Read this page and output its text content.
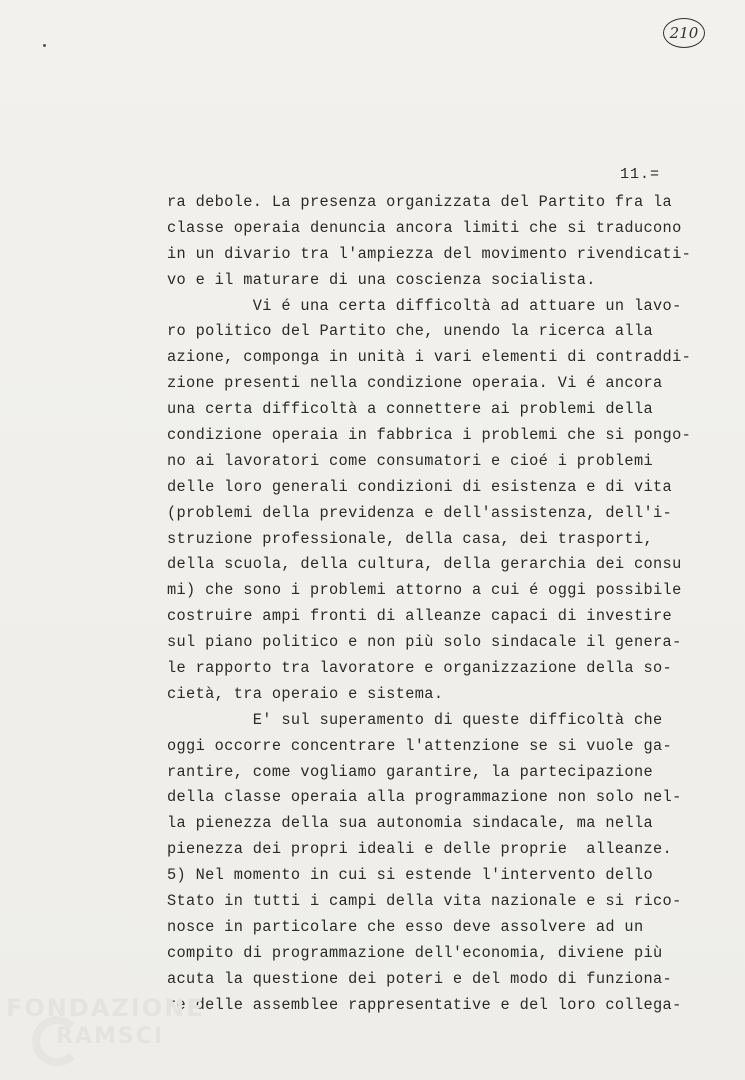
210
11.=
ra debole. La presenza organizzata del Partito fra la
classe operaia denuncia ancora limiti che si traducono
in un divario tra l'ampiezza del movimento rivendicati-
vo e il maturare di una coscienza socialista.
Vi é una certa difficoltà ad attuare un lavo-
ro politico del Partito che, unendo la ricerca alla
azione, componga in unità i vari elementi di contraddi-
zione presenti nella condizione operaia. Vi é ancora
una certa difficoltà a connettere ai problemi della
condizione operaia in fabbrica i problemi che si pongo-
no ai lavoratori come consumatori e cioé i problemi
delle loro generali condizioni di esistenza e di vita
(problemi della previdenza e dell'assistenza, dell'i-
struzione professionale, della casa, dei trasporti,
della scuola, della cultura, della gerarchia dei consu
mi) che sono i problemi attorno a cui é oggi possibile
costruire ampi fronti di alleanze capaci di investire
sul piano politico e non più solo sindacale il genera-
le rapporto tra lavoratore e organizzazione della so-
cietà, tra operaio e sistema.
E' sul superamento di queste difficoltà che
oggi occorre concentrare l'attenzione se si vuole ga-
rantire, come vogliamo garantire, la partecipazione
della classe operaia alla programmazione non solo nel-
la pienezza della sua autonomia sindacale, ma nella
pienezza dei propri ideali e delle proprie  alleanze.
5) Nel momento in cui si estende l'intervento dello
Stato in tutti i campi della vita nazionale e si rico-
nosce in particolare che esso deve assolvere ad un
compito di programmazione dell'economia, diviene più
acuta la questione dei poteri e del modo di funziona-
re delle assemblee rappresentative e del loro collega-
FONDAZIONE
RAMSCI
